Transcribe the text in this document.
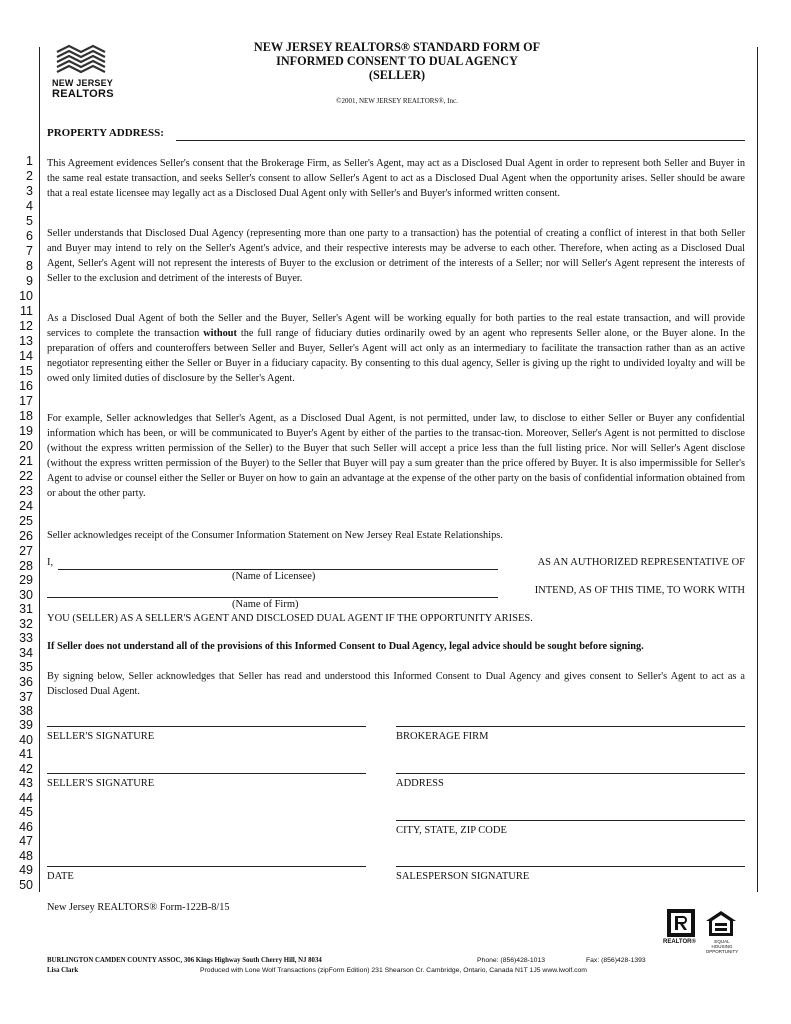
NEW JERSEY
REALTORS
NEW JERSEY REALTORS® STANDARD FORM OF
INFORMED CONSENT TO DUAL AGENCY
(SELLER)
©2001, NEW JERSEY REALTORS®, Inc.
PROPERTY ADDRESS:
1
2
3
4
5
6
7
8
9
10
11
12
13
14
15
16
17
18
19
20
21
22
23
24
25
26
27
28
29
30
31
32
33
34
35
36
37
38
39
40
41
42
43
44
45
46
47
48
49
50

This Agreement evidences Seller's consent that the Brokerage Firm, as Seller's Agent, may act as a Disclosed Dual Agent in order to represent both Seller and Buyer in the same real estate transaction, and seeks Seller's consent to allow Seller's Agent to act as a Disclosed Dual Agent when the opportunity arises. Seller should be aware that a real estate licensee may legally act as a Disclosed Dual Agent only with Seller's and Buyer's informed written consent.

Seller understands that Disclosed Dual Agency (representing more than one party to a transaction) has the potential of creating a conflict of interest in that both Seller and Buyer may intend to rely on the Seller's Agent's advice, and their respective interests may be adverse to each other. Therefore, when acting as a Disclosed Dual Agent, Seller's Agent will not represent the interests of Buyer to the exclusion or detriment of the interests of a Seller; nor will Seller's Agent represent the interests of Seller to the exclusion and detriment of the interests of Buyer.

As a Disclosed Dual Agent of both the Seller and the Buyer, Seller's Agent will be working equally for both parties to the real estate transaction, and will provide services to complete the transaction without the full range of fiduciary duties ordinarily owed by an agent who represents Seller alone, or the Buyer alone. In the preparation of offers and counteroffers between Seller and Buyer, Seller's Agent will act only as an intermediary to facilitate the transaction rather than as an active negotiator representing either the Seller or Buyer in a fiduciary capacity. By consenting to this dual agency, Seller is giving up the right to undivided loyalty and will be owed only limited duties of disclosure by the Seller's Agent.

For example, Seller acknowledges that Seller's Agent, as a Disclosed Dual Agent, is not permitted, under law, to disclose to either Seller or Buyer any confidential information which has been, or will be communicated to Buyer's Agent by either of the parties to the transac-tion. Moreover, Seller's Agent is not permitted to disclose (without the express written permission of the Seller) to the Buyer that such Seller will accept a price less than the full listing price. Nor will Seller's Agent disclose (without the express written permission of the Buyer) to the Seller that Buyer will pay a sum greater than the price offered by Buyer. It is also impermissible for Seller's Agent to advise or counsel either the Seller or Buyer on how to gain an advantage at the expense of the other party on the basis of confidential information obtained from or about the other party.

Seller acknowledges receipt of the Consumer Information Statement on New Jersey Real Estate Relationships.

I,	AS AN AUTHORIZED REPRESENTATIVE OF
(Name of Licensee)
INTEND, AS OF THIS TIME, TO WORK WITH
(Name of Firm)
YOU (SELLER) AS A SELLER'S AGENT AND DISCLOSED DUAL AGENT IF THE OPPORTUNITY ARISES.
If Seller does not understand all of the provisions of this Informed Consent to Dual Agency, legal advice should be sought before signing.

By signing below, Seller acknowledges that Seller has read and understood this Informed Consent to Dual Agency and gives consent to Seller's Agent to act as a Disclosed Dual Agent.

SELLER'S SIGNATURE	BROKERAGE FIRM
SELLER'S SIGNATURE	ADDRESS
CITY, STATE, ZIP CODE
DATE	SALESPERSON SIGNATURE
New Jersey REALTORS® Form-122B-8/15
REALTOR®	EQUAL HOUSING
OPPORTUNITY
BURLINGTON CAMDEN COUNTY ASSOC, 306 Kings Highway South Cherry Hill, NJ 8034	Phone: (856)428-1013	Fax: (856)428-1393
Lisa Clark	Produced with Lone Wolf Transactions (zipForm Edition) 231 Shearson Cr. Cambridge, Ontario, Canada N1T 1J5 www.lwolf.com
